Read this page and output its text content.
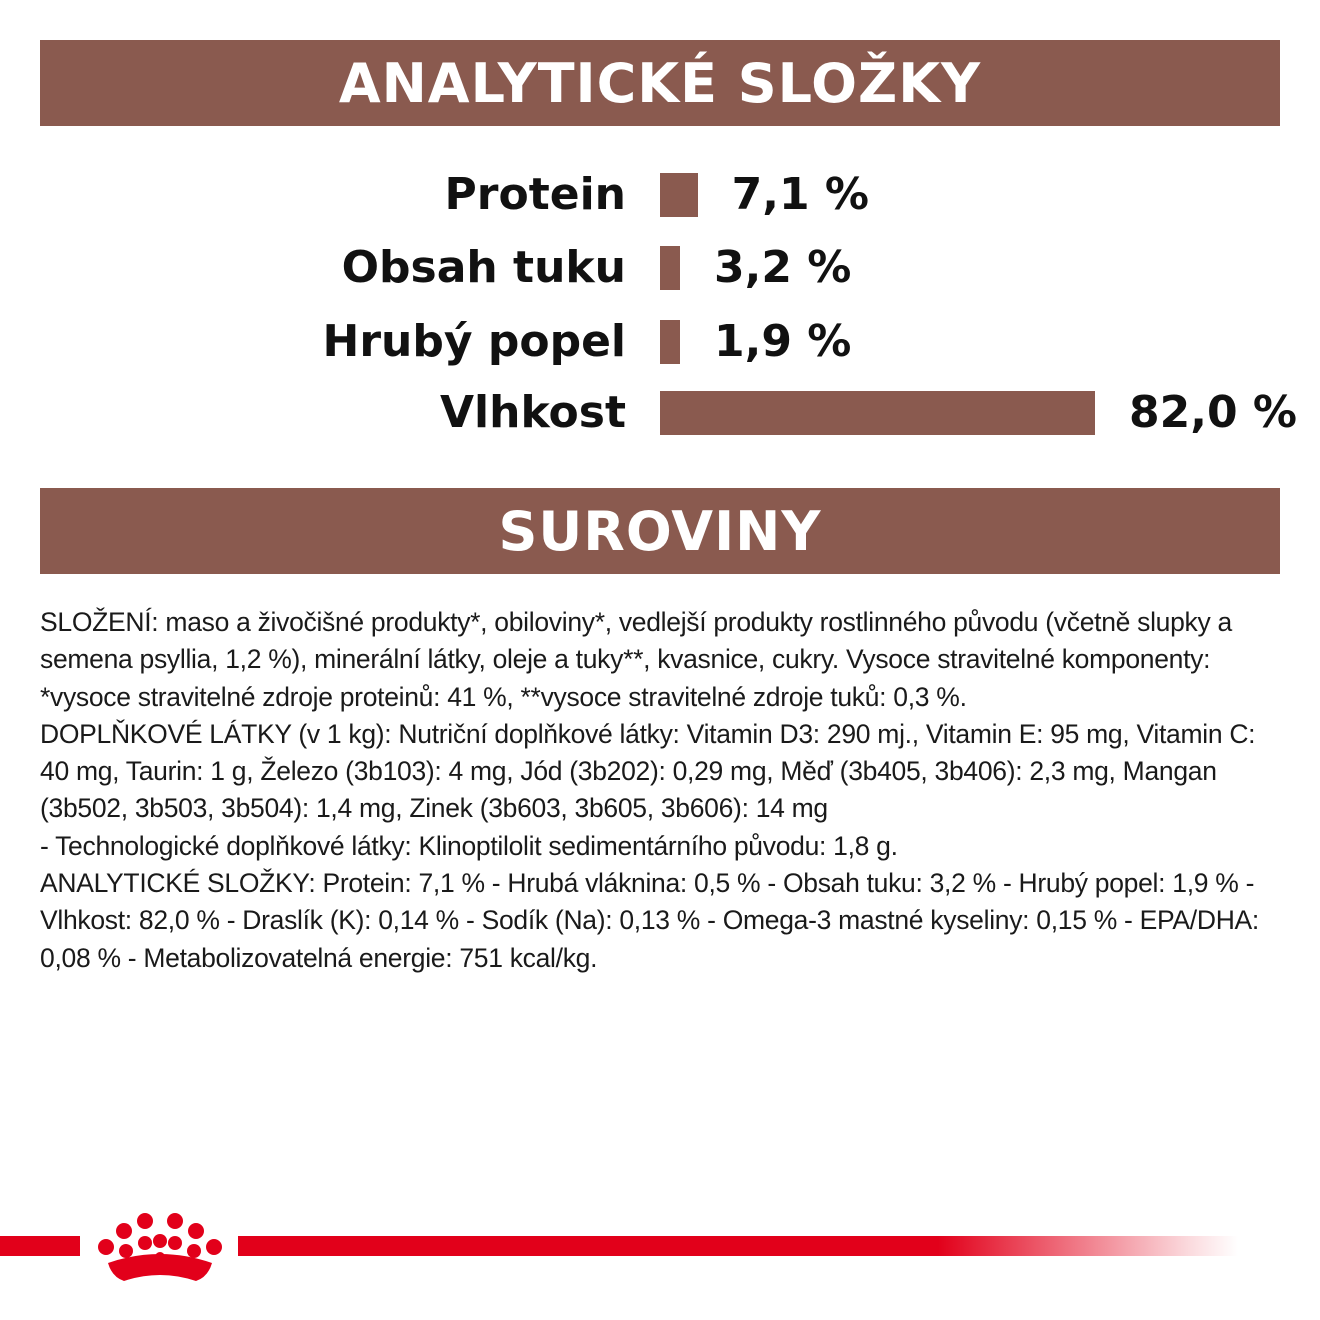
ANALYTICKÉ SLOŽKY
Protein 7,1 %
Obsah tuku 3,2 %
Hrubý popel 1,9 %
Vlhkost	82,0 %
SUROVINY

SLOŽENÍ: maso a živočišné produkty*, obiloviny*, vedlejší produkty rostlinného původu (včetně slupky a semena psyllia, 1,2 %), minerální látky, oleje a tuky**, kvasnice, cukry. Vysoce stravitelné komponenty: *vysoce stravitelné zdroje proteinů: 41 %, **vysoce stravitelné zdroje tuků: 0,3 %.

DOPLŇKOVÉ LÁTKY (v 1 kg): Nutriční doplňkové látky: Vitamin D3: 290 mj., Vitamin E: 95 mg, Vitamin C: 40 mg, Taurin: 1 g, Železo (3b103): 4 mg, Jód (3b202): 0,29 mg, Měď (3b405, 3b406): 2,3 mg, Mangan (3b502, 3b503, 3b504): 1,4 mg, Zinek (3b603, 3b605, 3b606): 14 mg

- Technologické doplňkové látky: Klinoptilolit sedimentárního původu: 1,8 g.

ANALYTICKÉ SLOŽKY: Protein: 7,1 % - Hrubá vláknina: 0,5 % - Obsah tuku: 3,2 % - Hrubý popel: 1,9 % - Vlhkost: 82,0 % - Draslík (K): 0,14 % - Sodík (Na): 0,13 % - Omega-3 mastné kyseliny: 0,15 % - EPA/DHA: 0,08 % - Metabolizovatelná energie: 751 kcal/kg.
